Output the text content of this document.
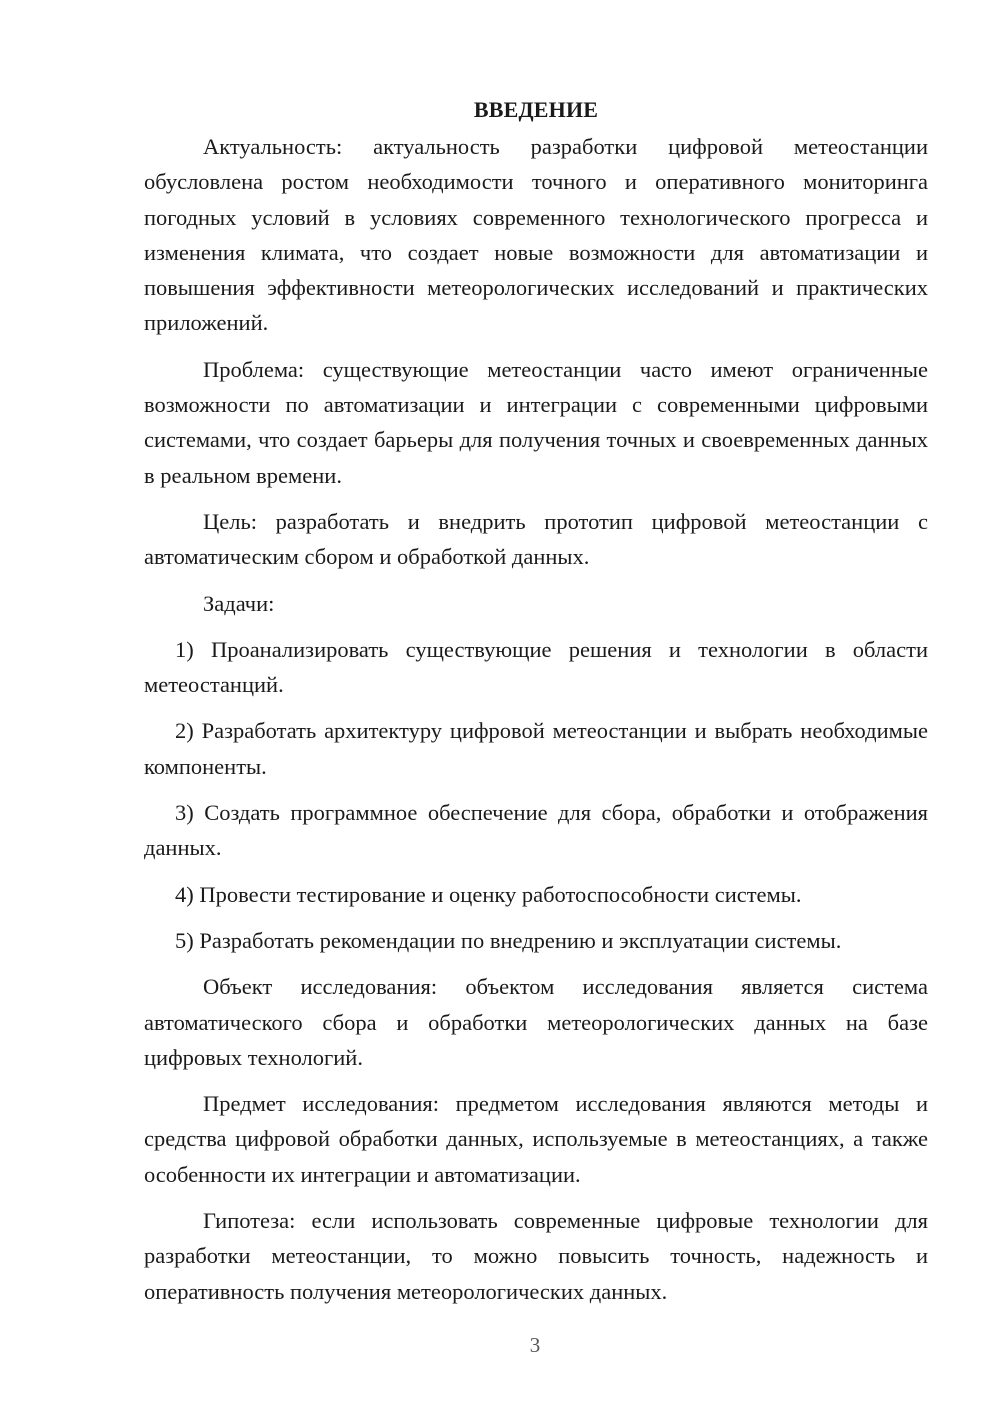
ВВЕДЕНИЕ

Актуальность: актуальность разработки цифровой метеостанции обусловлена ростом необходимости точного и оперативного мониторинга погодных условий в условиях современного технологического прогресса и изменения климата, что создает новые возможности для автоматизации и повышения эффективности метеорологических исследований и практических приложений.

Проблема: существующие метеостанции часто имеют ограниченные возможности по автоматизации и интеграции с современными цифровыми системами, что создает барьеры для получения точных и своевременных данных в реальном времени.

Цель: разработать и внедрить прототип цифровой метеостанции с автоматическим сбором и обработкой данных.

Задачи:

1) Проанализировать существующие решения и технологии в области метеостанций.

2) Разработать архитектуру цифровой метеостанции и выбрать необходимые компоненты.

3) Создать программное обеспечение для сбора, обработки и отображения данных.

4) Провести тестирование и оценку работоспособности системы.

5) Разработать рекомендации по внедрению и эксплуатации системы.

Объект исследования: объектом исследования является система автоматического сбора и обработки метеорологических данных на базе цифровых технологий.

Предмет исследования: предметом исследования являются методы и средства цифровой обработки данных, используемые в метеостанциях, а также особенности их интеграции и автоматизации.

Гипотеза: если использовать современные цифровые технологии для разработки метеостанции, то можно повысить точность, надежность и оперативность получения метеорологических данных.

3
